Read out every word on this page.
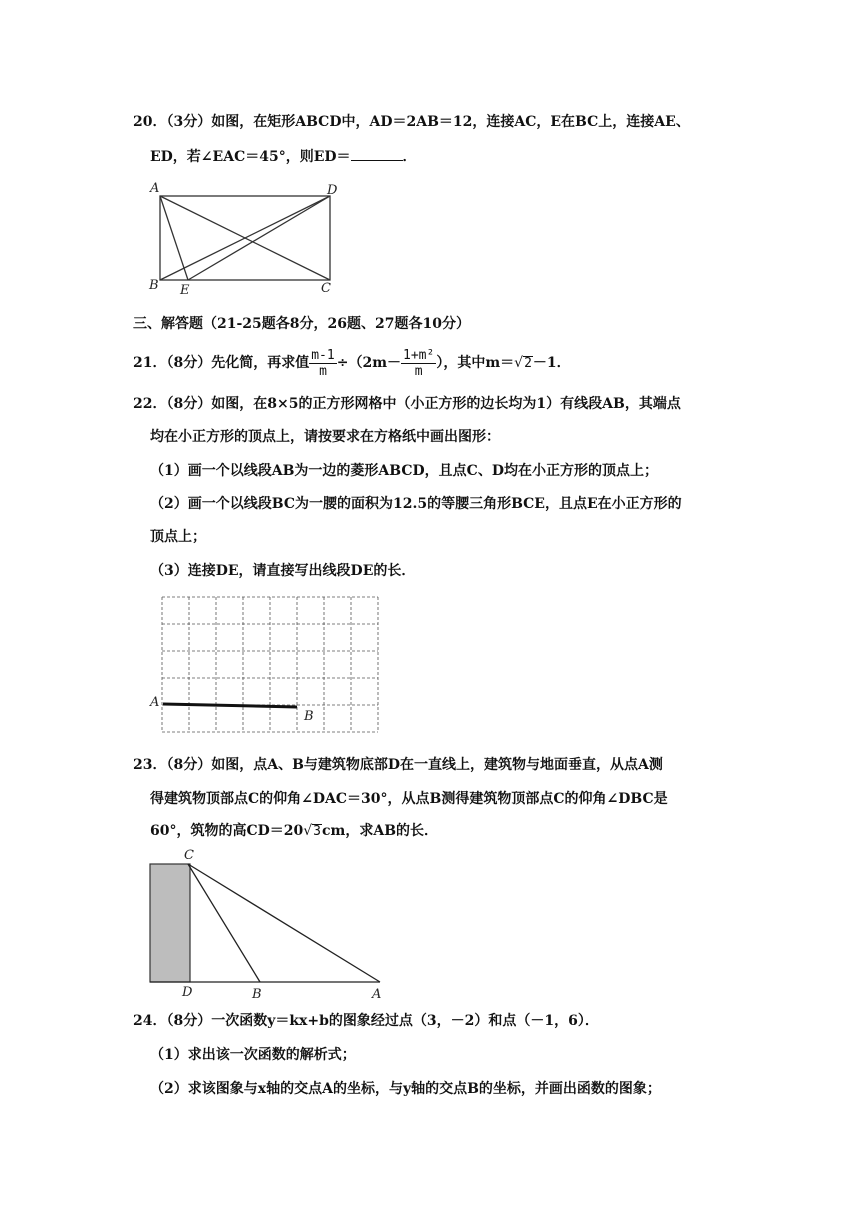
20．（3分）如图，在矩形ABCD中，AD＝2AB＝12，连接AC，E在BC上，连接AE、
ED，若∠EAC＝45°，则ED＝	．
A	D
B E	C
三、解答题（21-25题各8分，26题、27题各10分）
21．（8分）先化简，再求值 $\frac{m-1}{m} \div(2m- \frac{\text{1+m²}}{m}$ ），其中m＝√2－1．
22．（8分）如图，在8×5的正方形网格中（小正方形的边长均为1）有线段AB，其端点
均在小正方形的顶点上，请按要求在方格纸中画出图形：
（1）画一个以线段AB为一边的菱形ABCD，且点C、D均在小正方形的顶点上；
（2）画一个以线段BC为一腰的面积为12.5的等腰三角形BCE，且点E在小正方形的
顶点上；
（3）连接DE，请直接写出线段DE的长．
A
B
23．（8分）如图，点A、B与建筑物底部D在一直线上，建筑物与地面垂直，从点A测
得建筑物顶部点C的仰角∠DAC＝30°，从点B测得建筑物顶部点C的仰角∠DBC是
60°，筑物的高CD＝20√3cm，求AB的长．
C
D	B	A
24．（8分）一次函数y＝kx+b的图象经过点（3，－2）和点（－1，6）．
（1）求出该一次函数的解析式；
（2）求该图象与x轴的交点A的坐标，与y轴的交点B的坐标，并画出函数的图象；
